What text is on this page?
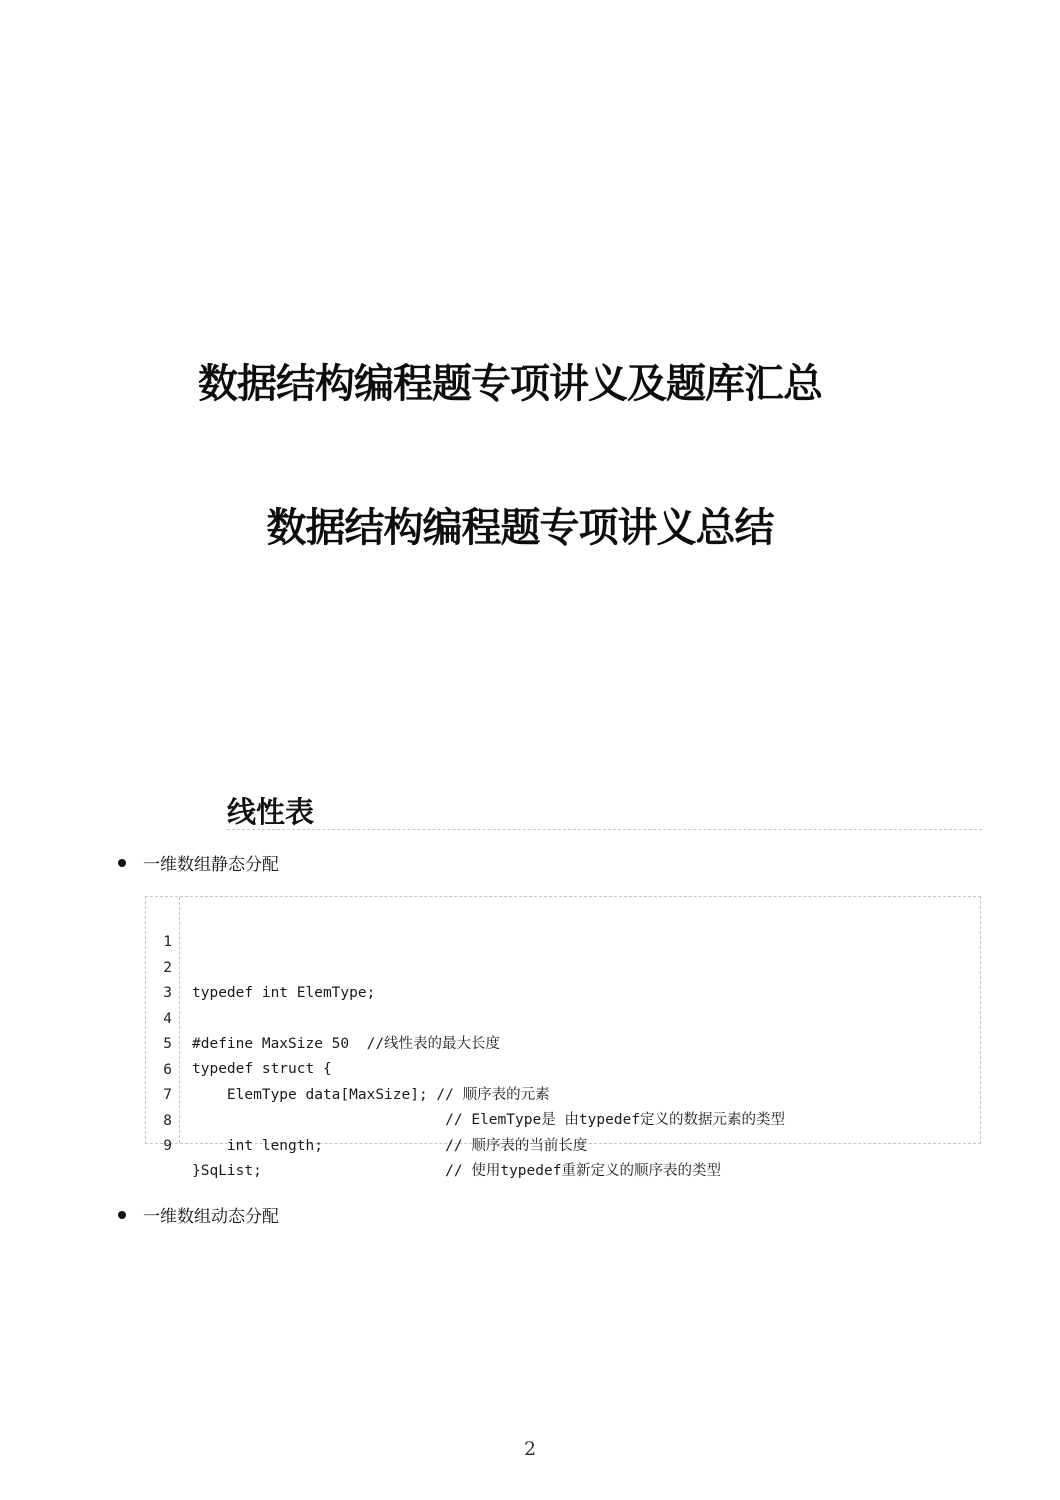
数据结构编程题专项讲义及题库汇总
数据结构编程题专项讲义总结
线性表
一维数组静态分配

1

2

typedef int ElemType;

3

4

#define MaxSize 50  //线性表的最大长度

5

typedef struct {

6

ElemType data[MaxSize]; // 顺序表的元素

7

// ElemType是 由typedef定义的数据元素的类型

8

int length;              // 顺序表的当前长度

9

}SqList;                     // 使用typedef重新定义的顺序表的类型

一维数组动态分配
2
